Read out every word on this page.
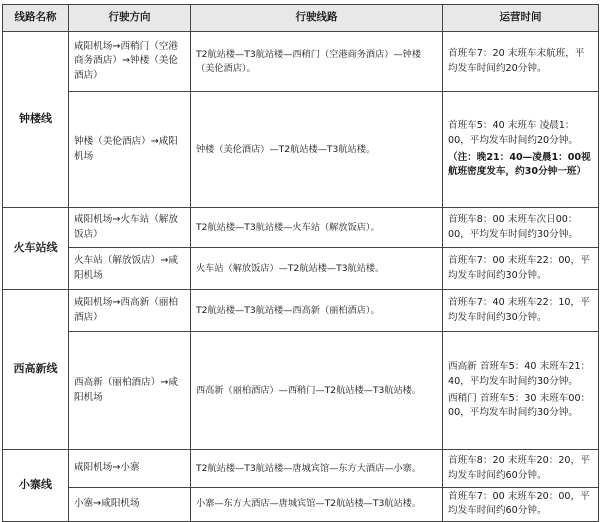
线路名称	行驶方向	行驶线路	运营时间
钟楼线	咸阳机场→西稍门（空港商务酒店）→钟楼（美伦酒店）	T2航站楼—T3航站楼—西稍门（空港商务酒店）—钟楼（美伦酒店）。	首班车7：20 末班车末航班，平均发车时间约20分钟。

	钟楼（美伦酒店）→咸阳机场	钟楼（美伦酒店）—T2航站楼—T3航站楼。	首班车5：40 末班车 凌晨1：00，平均发车时间约20分钟。

（注：晚21：40—凌晨1：00视航班密度发车，约30分钟一班）

火车站线	咸阳机场→火车站（解放饭店）	T2航站楼—T3航站楼—火车站（解放饭店）。	首班车8：00 末班车次日00：00，平均发车时间约30分钟。

	火车站（解放饭店）→咸阳机场	火车站（解放饭店）—T2航站楼—T3航站楼。	首班车7：00 末班车22：00，平均发车时间约30分钟。

西高新线	咸阳机场→西高新（丽柏酒店）	T2航站楼—T3航站楼—西高新（丽柏酒店）。	首班车7：40 末班车22：10，平均发车时间约30分钟。

	西高新（丽柏酒店）→咸阳机场	西高新（丽柏酒店）—西稍门—T2航站楼—T3航站楼。	西高新 首班车5：40 末班车21：40，平均发车时间约30分钟。

西稍门 首班车5：30 末班车00：00，平均发车时间约30分钟。

小寨线	咸阳机场→小寨	T2航站楼—T3航站楼—唐城宾馆—东方大酒店—小寨。	首班车8：20 末班车20：20，平均发车时间约60分钟。

	小寨→咸阳机场	小寨—东方大酒店—唐城宾馆—T2航站楼—T3航站楼。	首班车7：00 末班车20：00，平均发车时间约60分钟。
